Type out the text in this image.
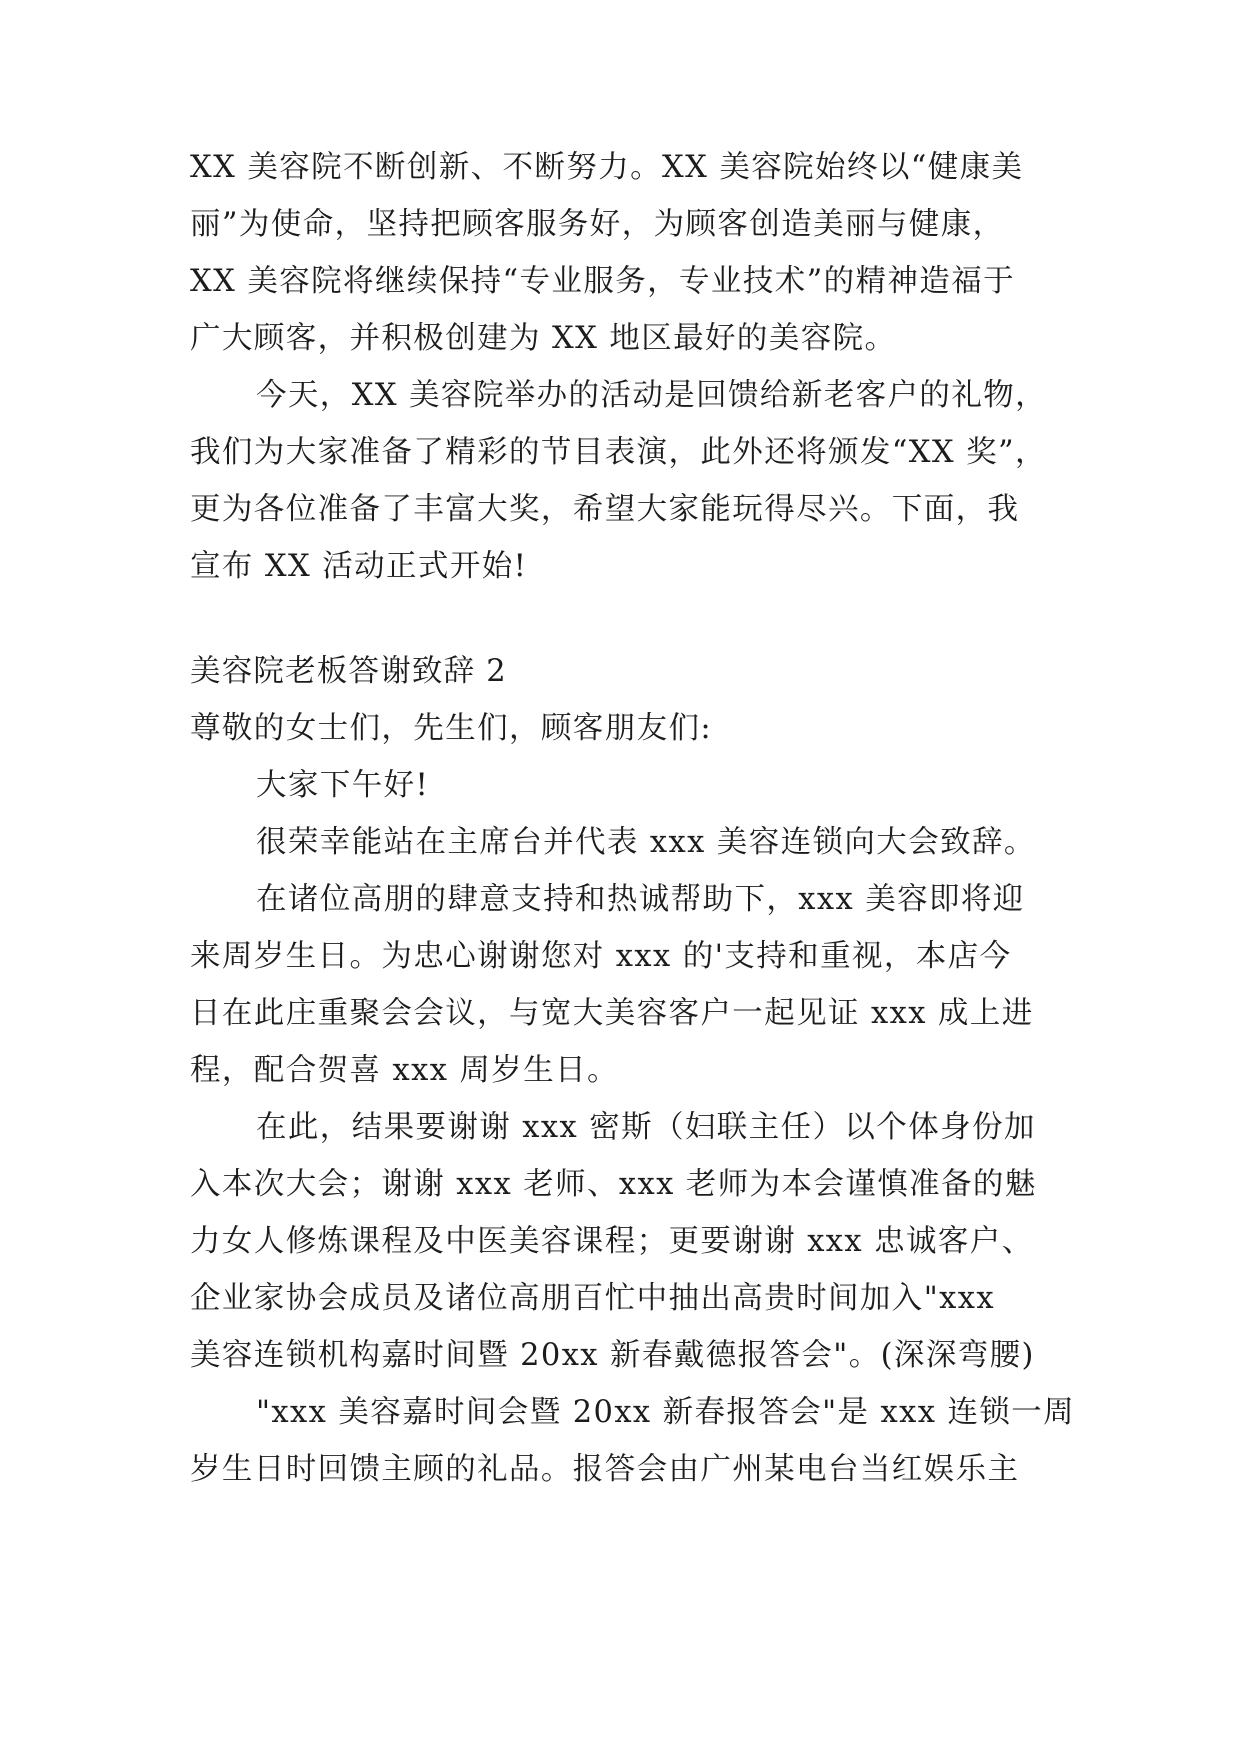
XX 美容院不断创新、不断努力。XX 美容院始终以“健康美
丽”为使命，坚持把顾客服务好，为顾客创造美丽与健康，
XX 美容院将继续保持“专业服务，专业技术”的精神造福于
广大顾客，并积极创建为 XX 地区最好的美容院。
今天，XX 美容院举办的活动是回馈给新老客户的礼物，
我们为大家准备了精彩的节目表演，此外还将颁发“XX 奖”，
更为各位准备了丰富大奖，希望大家能玩得尽兴。下面，我
宣布 XX 活动正式开始!
美容院老板答谢致辞 2
尊敬的女士们，先生们，顾客朋友们:
大家下午好!
很荣幸能站在主席台并代表 xxx 美容连锁向大会致辞。
在诸位高朋的肆意支持和热诚帮助下，xxx 美容即将迎
来周岁生日。为忠心谢谢您对 xxx 的'支持和重视，本店今
日在此庄重聚会会议，与宽大美容客户一起见证 xxx 成上进
程，配合贺喜 xxx 周岁生日。
在此，结果要谢谢 xxx 密斯（妇联主任）以个体身份加
入本次大会；谢谢 xxx 老师、xxx 老师为本会谨慎准备的魅
力女人修炼课程及中医美容课程；更要谢谢 xxx 忠诚客户、
企业家协会成员及诸位高朋百忙中抽出高贵时间加入"xxx
美容连锁机构嘉时间暨 20xx 新春戴德报答会"。(深深弯腰)
"xxx 美容嘉时间会暨 20xx 新春报答会"是 xxx 连锁一周
岁生日时回馈主顾的礼品。报答会由广州某电台当红娱乐主
